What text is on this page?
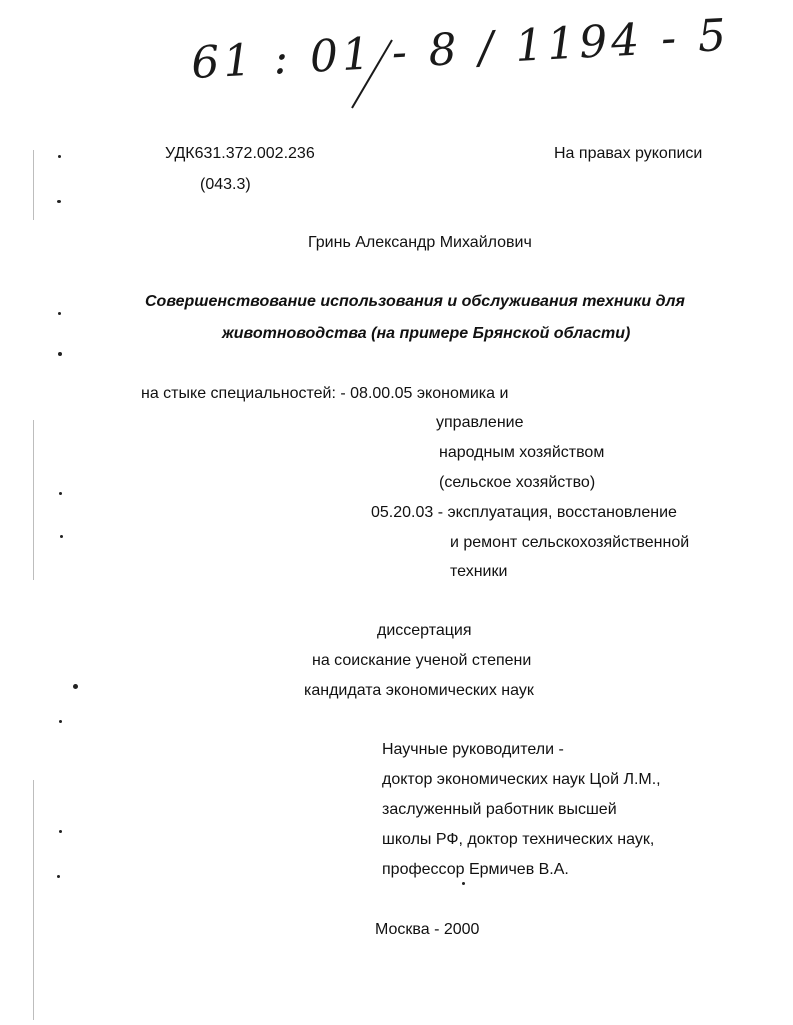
61 : 01 - 8 / 1194 - 5
УДК631.372.002.236
(043.3)
На правах рукописи
Гринь Александр Михайлович
Совершенствование использования и обслуживания техники для
животноводства (на примере Брянской области)
на стыке специальностей: - 08.00.05 экономика и
управление
народным хозяйством
(сельское хозяйство)
05.20.03 - эксплуатация, восстановление
и ремонт сельскохозяйственной
техники
диссертация
на соискание ученой степени
кандидата экономических наук
Научные руководители -
доктор экономических наук Цой Л.М.,
заслуженный работник высшей
школы РФ, доктор технических наук,
профессор Ермичев В.А.
Москва - 2000
